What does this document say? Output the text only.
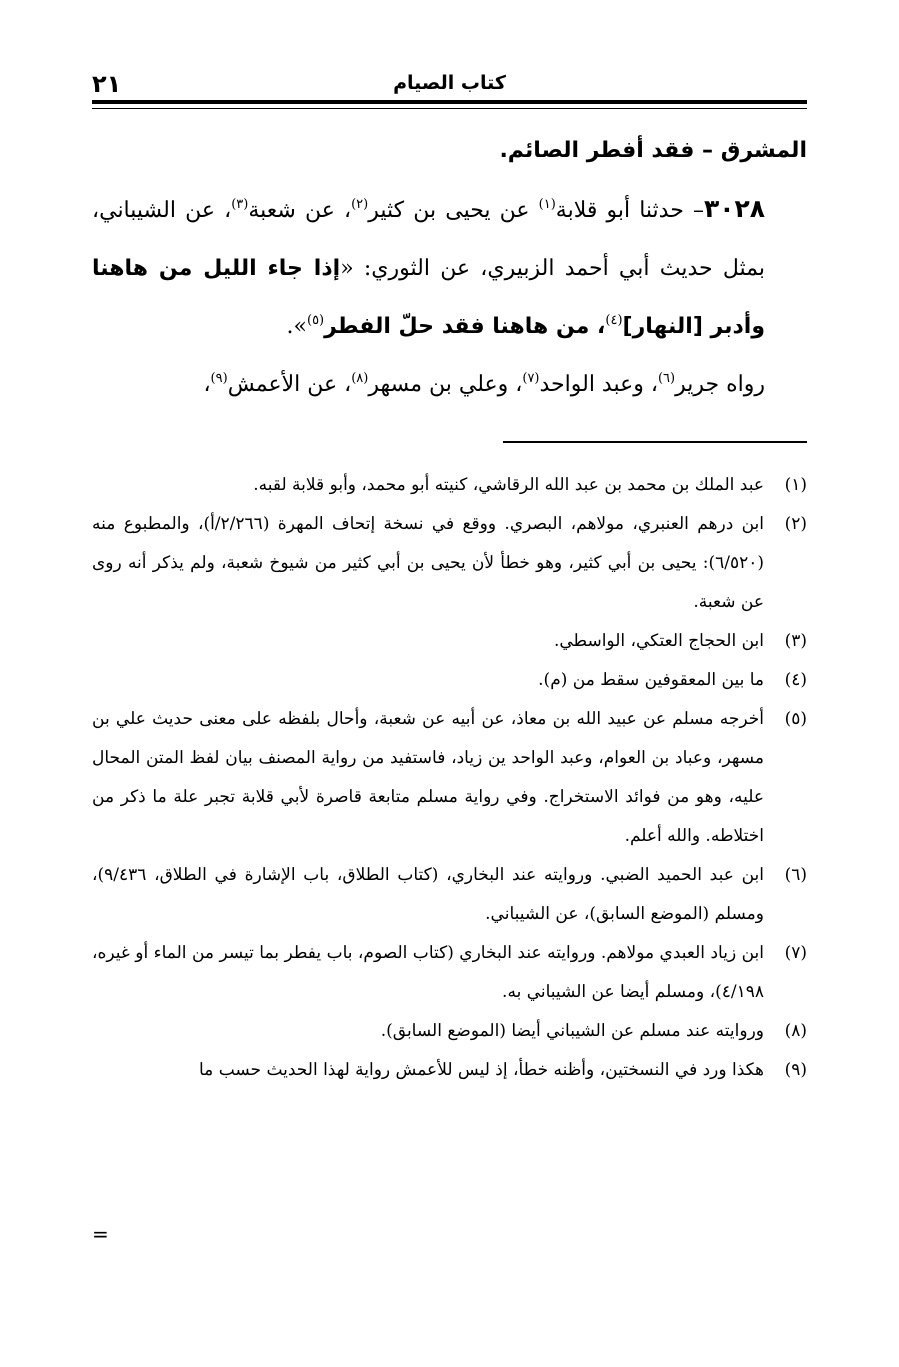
٢١	كتاب الصيام

المشرق – فقد أفطر الصائم.

٣٠٢٨– حدثنا أبو قلابة$^{(١)}$ عن يحيى بن كثير$^{(٢)}$، عن شعبة$^{(٣)}$، عن الشيباني، بمثل حديث أبي أحمد الزبيري، عن الثوري: «إذا جاء الليل من هاهنا وأدبر [النهار]$^{(٤)}$، من هاهنا فقد حلّ الفطر$^{(٥)}$».

رواه جرير$^{(٦)}$، وعبد الواحد$^{(٧)}$، وعلي بن مسهر$^{(٨)}$، عن الأعمش$^{(٩)}$،

(١)
عبد الملك بن محمد بن عبد الله الرقاشي، كنيته أبو محمد، وأبو قلابة لقبه.
(٢)
ابن درهم العنبري، مولاهم، البصري. ووقع في نسخة إتحاف المهرة (٢/٢٦٦/أ)، والمطبوع منه (٦/٥٢٠): يحيى بن أبي كثير، وهو خطأ لأن يحيى بن أبي كثير من شيوخ شعبة، ولم يذكر أنه روى عن شعبة.
(٣)
ابن الحجاج العتكي، الواسطي.
(٤)
ما بين المعقوفين سقط من (م).
(٥)
أخرجه مسلم عن عبيد الله بن معاذ، عن أبيه عن شعبة، وأحال بلفظه على معنى حديث علي بن مسهر، وعباد بن العوام، وعبد الواحد ين زياد، فاستفيد من رواية المصنف بيان لفظ المتن المحال عليه، وهو من فوائد الاستخراج. وفي رواية مسلم متابعة قاصرة لأبي قلابة تجبر علة ما ذكر من اختلاطه. والله أعلم.
(٦)
ابن عبد الحميد الضبي. وروايته عند البخاري، (كتاب الطلاق، باب الإشارة في الطلاق، ٩/٤٣٦)، ومسلم (الموضع السابق)، عن الشيباني.
(٧)
ابن زياد العبدي مولاهم. وروايته عند البخاري (كتاب الصوم، باب يفطر بما تيسر من الماء أو غيره، ٤/١٩٨)، ومسلم أيضا عن الشيباني به.
(٨)
وروايته عند مسلم عن الشيباني أيضا (الموضع السابق).
(٩)
هكذا ورد في النسختين، وأظنه خطأ، إذ ليس للأعمش رواية لهذا الحديث حسب ما
=
